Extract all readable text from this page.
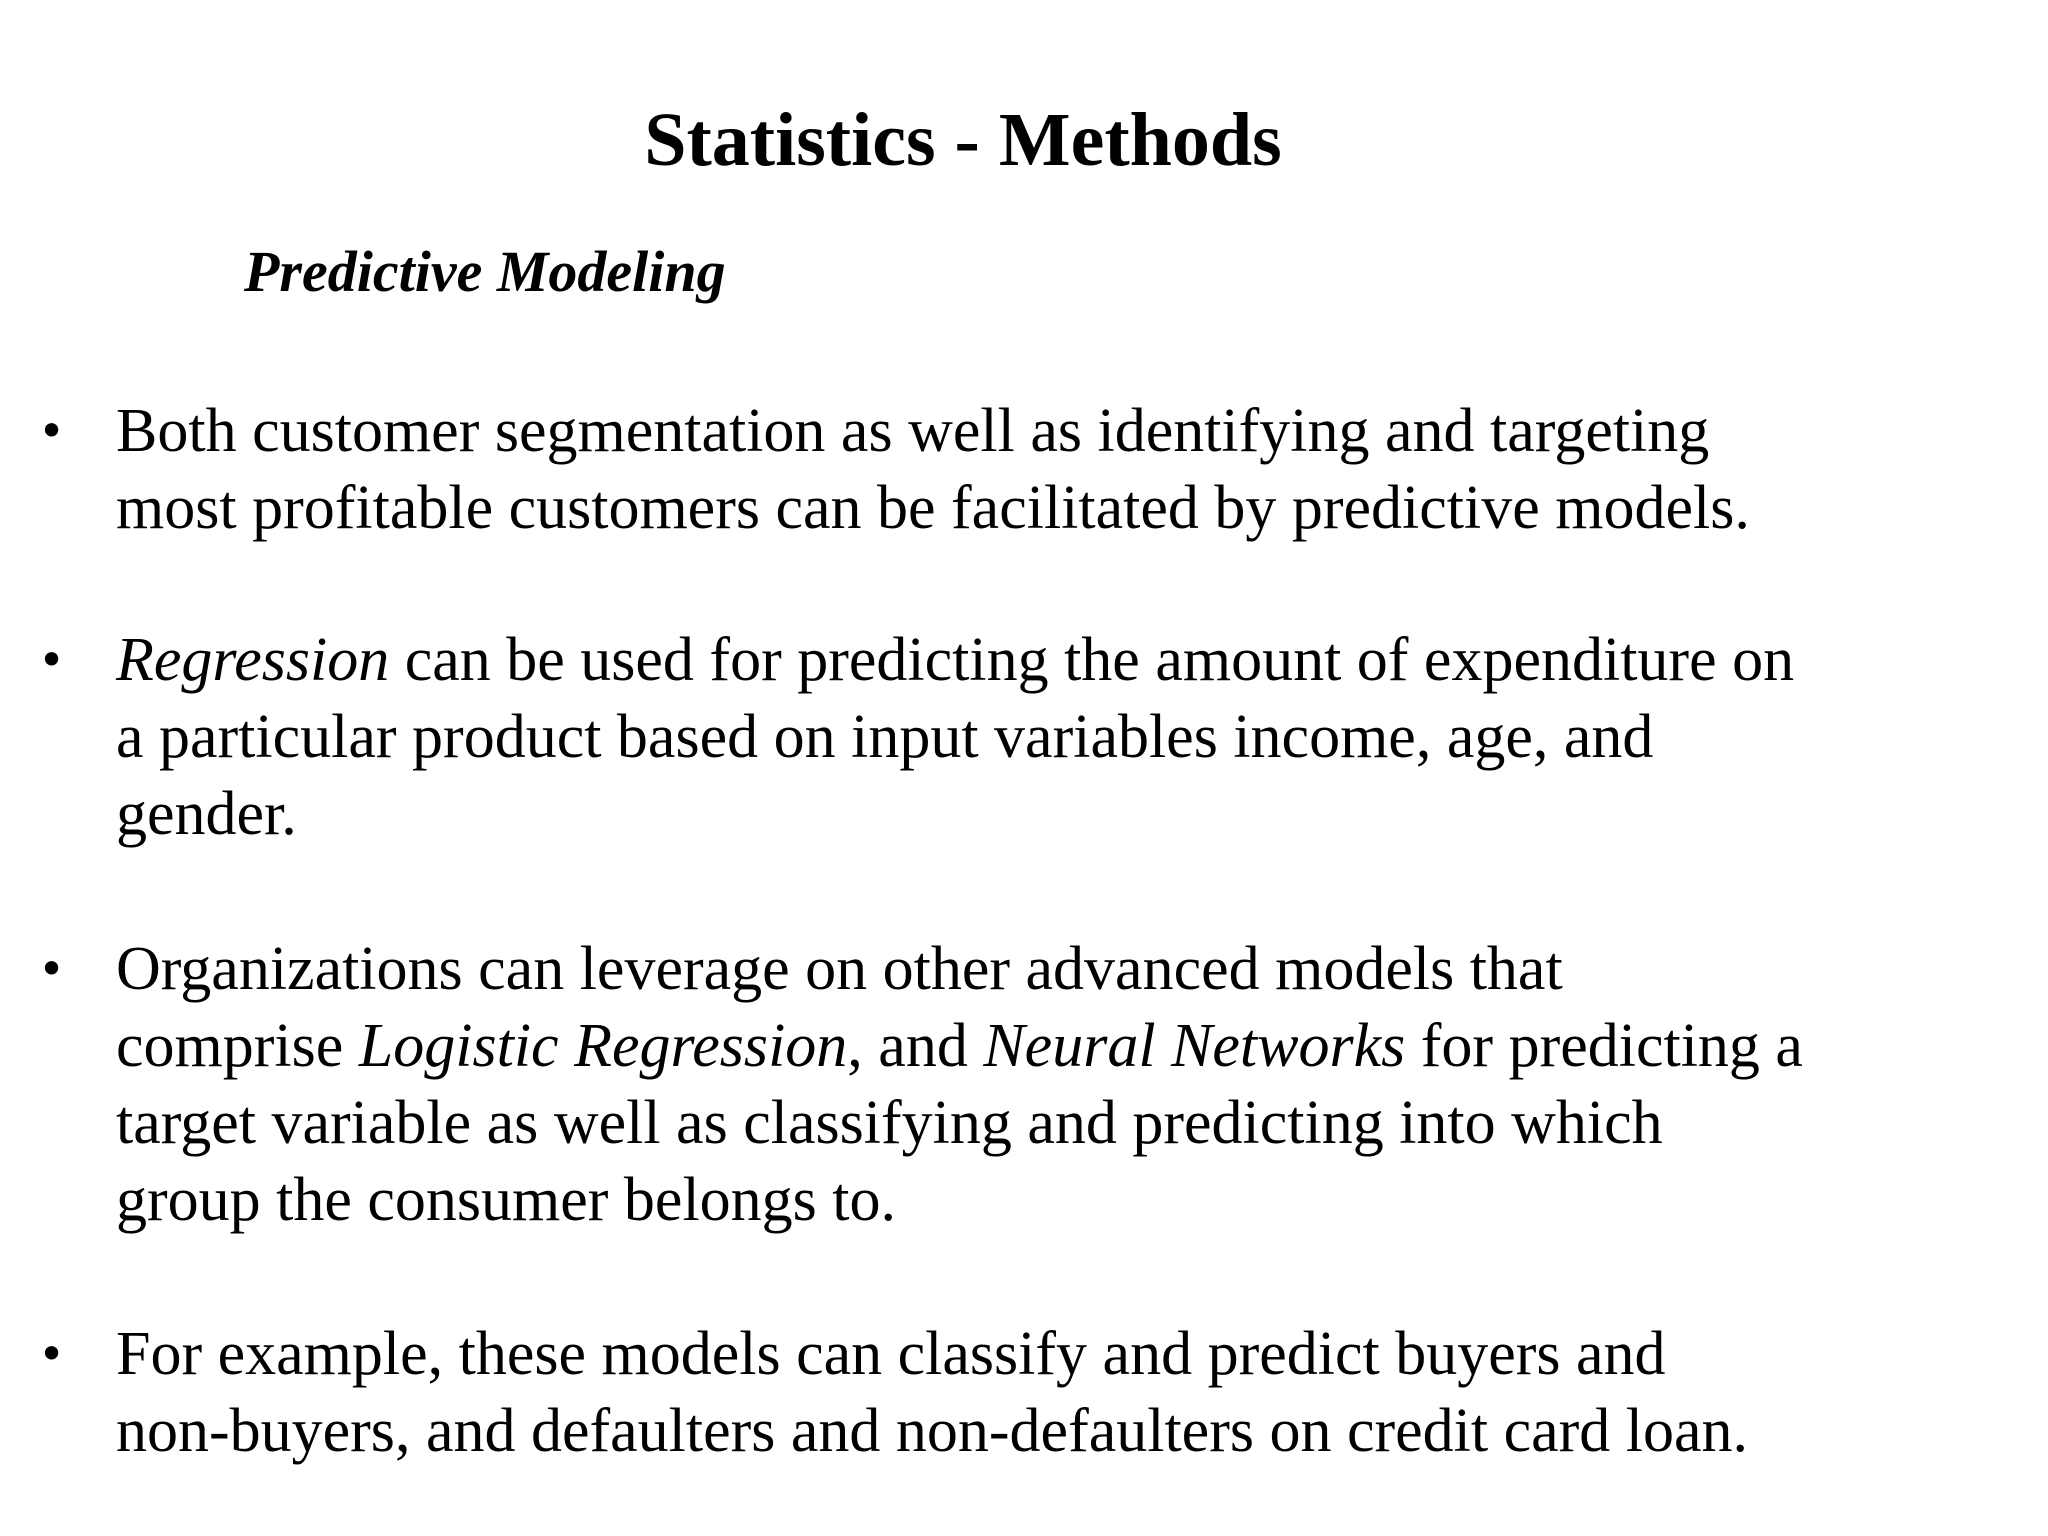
Statistics - Methods
Predictive Modeling
• Both customer segmentation as well as identifying and targeting
most profitable customers can be facilitated by predictive models.

• Regression can be used for predicting the amount of expenditure on
a particular product based on input variables income, age, and
gender.

• Organizations can leverage on other advanced models that
comprise Logistic Regression, and Neural Networks for predicting a
target variable as well as classifying and predicting into which
group the consumer belongs to.

• For example, these models can classify and predict buyers and
non-buyers, and defaulters and non-defaulters on credit card loan.
